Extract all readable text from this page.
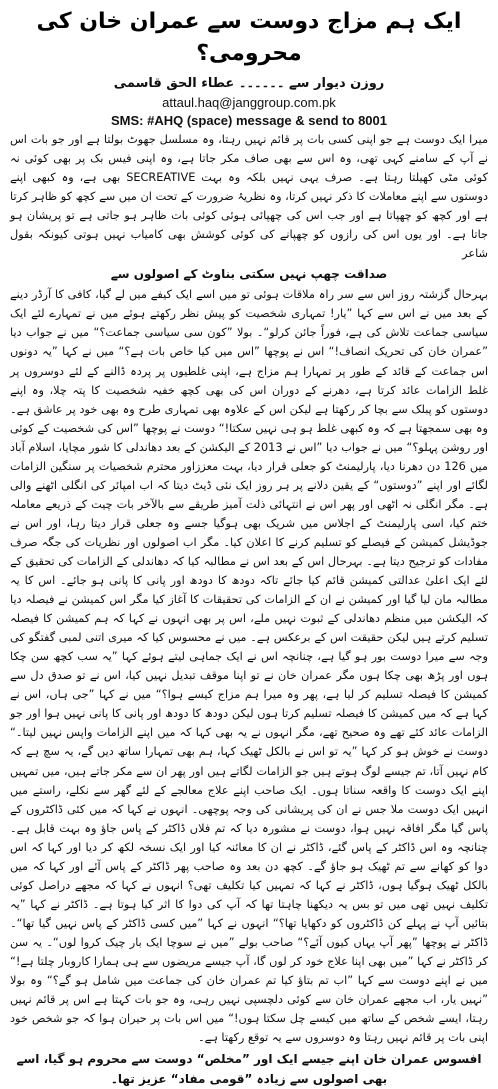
ایک ہم مزاج دوست سے عمران خان کی محرومی؟
روزن دیوار سے ۔۔۔۔۔۔ عطاء الحق قاسمی
attaul.haq@janggroup.com.pk
SMS: #AHQ (space) message & send to 8001

میرا ایک دوست ہے جو اپنی کسی بات پر قائم نہیں رہتا، وہ مسلسل جھوٹ بولتا ہے اور جو بات اس نے آپ کے سامنے کہی تھی، وہ اس سے بھی صاف مکر جاتا ہے، وہ اپنی فیس بک پر بھی کوئی نہ کوئی مٹی کھیلتا رہتا ہے۔ صرف یہی نہیں بلکہ وہ بہت SECREATIVE بھی ہے، وہ کبھی اپنے دوستوں سے اپنے معاملات کا ذکر نہیں کرتا، وہ نظریۂ ضرورت کے تحت ان میں سے کچھ کو ظاہر کرتا ہے اور کچھ کو چھپاتا ہے اور جب اس کی چھپائی ہوئی کوئی بات ظاہر ہو جاتی ہے تو پریشان ہو جاتا ہے۔ اور یوں اس کی رازوں کو چھپانے کی کوئی کوشش بھی کامیاب نہیں ہوتی کیونکہ بقول شاعر

صداقت چھپ نہیں سکتی بناوٹ کے اصولوں سے

بہرحال گزشتہ روز اس سے سر راہ ملاقات ہوئی تو میں اسے ایک کیفے میں لے گیا، کافی کا آرڈر دینے کے بعد میں نے اس سے کہا ”یار! تمہاری شخصیت کو پیش نظر رکھتے ہوئے میں نے تمہارے لئے ایک سیاسی جماعت تلاش کی ہے، فوراً جائن کرلو“۔ بولا ”کون سی سیاسی جماعت؟“ میں نے جواب دیا ”عمران خان کی تحریک انصاف!“ اس نے پوچھا ”اس میں کیا خاص بات ہے؟“ میں نے کہا ”یہ دونوں اس جماعت کے قائد کے طور پر تمہارا ہم مزاج ہے، اپنی غلطیوں پر پردہ ڈالنے کے لئے دوسروں پر غلط الزامات عائد کرتا ہے، دھرنے کے دوران اس کی بھی کچھ خفیہ شخصیت کا پتہ چلا، وہ اپنے دوستوں کو پبلک سے بچا کر رکھتا ہے لیکن اس کے علاوہ بھی تمہاری طرح وہ بھی خود پر عاشق ہے۔ وہ بھی سمجھتا ہے کہ وہ کبھی غلط ہو ہی نہیں سکتا!“ دوست نے پوچھا ”اس کی شخصیت کے کوئی اور روشن پہلو؟“ میں نے جواب دیا ”اس نے 2013 کے الیکشن کے بعد دھاندلی کا شور مچایا، اسلام آباد میں 126 دن دھرنا دیا، پارلیمنٹ کو جعلی قرار دیا، بہت معززاور محترم شخصیات پر سنگین الزامات لگائے اور اپنے ”دوستوں“ کے یقین دلانے پر ہر روز ایک نئی ڈیٹ دیتا کہ اب امپائر کی انگلی اٹھنے والی ہے۔ مگر انگلی نہ اٹھی اور پھر اس نے انتہائی ذلت آمیز طریقے سے بالآخر بات چیت کے ذریعے معاملہ ختم کیا، اسی پارلیمنٹ کے اجلاس میں شریک بھی ہوگیا جسے وہ جعلی قرار دیتا رہا، اور اس نے جوڈیشل کمیشن کے فیصلے کو تسلیم کرنے کا اعلان کیا۔ مگر اب اصولوں اور نظریات کی جگہ صرف مفادات کو ترجیح دیتا ہے۔ بہرحال اس کے بعد اس نے مطالبہ کیا کہ دھاندلی کے الزامات کی تحقیق کے لئے ایک اعلیٰ عدالتی کمیشن قائم کیا جائے تاکہ دودھ کا دودھ اور پانی کا پانی ہو جائے۔ اس کا یہ مطالبہ مان لیا گیا اور کمیشن نے ان کے الزامات کی تحقیقات کا آغاز کیا مگر اس کمیشن نے فیصلہ دیا کہ الیکشن میں منظم دھاندلی کے ثبوت نہیں ملے، اس پر بھی انہوں نے کہا کہ ہم کمیشن کا فیصلہ تسلیم کرتے ہیں لیکن حقیقت اس کے برعکس ہے۔ میں نے محسوس کیا کہ میری اتنی لمبی گفتگو کی وجہ سے میرا دوست بور ہو گیا ہے، چنانچہ اس نے ایک جماہی لیتے ہوئے کہا ”یہ سب کچھ سن چکا ہوں اور پڑھ بھی چکا ہوں مگر عمران خان نے تو اپنا موقف تبدیل نہیں کیا، اس نے تو صدق دل سے کمیشن کا فیصلہ تسلیم کر لیا ہے، پھر وہ میرا ہم مزاج کیسے ہوا؟“ میں نے کہا ”جی ہاں، اس نے کہا ہے کہ میں کمیشن کا فیصلہ تسلیم کرتا ہوں لیکن دودھ کا دودھ اور پانی کا پانی نہیں ہوا اور جو الزامات عائد کئے تھے وہ صحیح تھے، مگر انہوں نے یہ بھی کہا کہ میں اپنے الزامات واپس نہیں لیتا۔“ دوست نے خوش ہو کر کہا ”یہ تو اس نے بالکل ٹھیک کہا، ہم بھی تمہارا ساتھ دیں گے، یہ سچ ہے کہ کام نہیں آتا، تم جیسے لوگ ہوتے ہیں جو الزامات لگاتے ہیں اور پھر ان سے مکر جاتے ہیں، میں تمہیں اپنے ایک دوست کا واقعہ سناتا ہوں۔ ایک صاحب اپنے علاج معالجے کے لئے گھر سے نکلے، راستے میں انہیں ایک دوست ملا جس نے ان کی پریشانی کی وجہ پوچھی۔ انہوں نے کہا کہ میں کئی ڈاکٹروں کے پاس گیا مگر افاقہ نہیں ہوا، دوست نے مشورہ دیا کہ تم فلاں ڈاکٹر کے پاس جاؤ وہ بہت قابل ہے۔ چنانچہ وہ اس ڈاکٹر کے پاس گئے، ڈاکٹر نے ان کا معائنہ کیا اور ایک نسخہ لکھ کر دیا اور کہا کہ اس دوا کو کھانے سے تم ٹھیک ہو جاؤ گے۔ کچھ دن بعد وہ صاحب پھر ڈاکٹر کے پاس آئے اور کہا کہ میں بالکل ٹھیک ہوگیا ہوں، ڈاکٹر نے کہا کہ تمہیں کیا تکلیف تھی؟ انہوں نے کہا کہ مجھے دراصل کوئی تکلیف نہیں تھی میں تو بس یہ دیکھنا چاہتا تھا کہ آپ کی دوا کا اثر کیا ہوتا ہے۔ ڈاکٹر نے کہا ”یہ بتائیں آپ نے پہلے کن ڈاکٹروں کو دکھایا تھا؟“ انہوں نے کہا ”میں کسی ڈاکٹر کے پاس نہیں گیا تھا“۔ ڈاکٹر نے پوچھا ”پھر آپ یہاں کیوں آئے؟“ صاحب بولے ”میں نے سوچا ایک بار چیک کروا لوں“۔ یہ سن کر ڈاکٹر نے کہا ”میں بھی اپنا علاج خود کر لوں گا، آپ جیسے مریضوں سے ہی ہمارا کاروبار چلتا ہے!“ میں نے اپنے دوست سے کہا ”اب تم بتاؤ کیا تم عمران خان کی جماعت میں شامل ہو گے؟“ وہ بولا ”نہیں یار، اب مجھے عمران خان سے کوئی دلچسپی نہیں رہی، وہ جو بات کہتا ہے اس پر قائم نہیں رہتا، ایسے شخص کے ساتھ میں کیسے چل سکتا ہوں!“ میں اس بات پر حیران ہوا کہ جو شخص خود اپنی بات پر قائم نہیں رہتا وہ دوسروں سے یہ توقع رکھتا ہے۔

افسوس عمران خان اپنے جیسے ایک اور ”مخلص“ دوست سے محروم ہو گیا، اسے بھی اصولوں سے زیادہ ”قومی مفاد“ عزیز تھا۔
